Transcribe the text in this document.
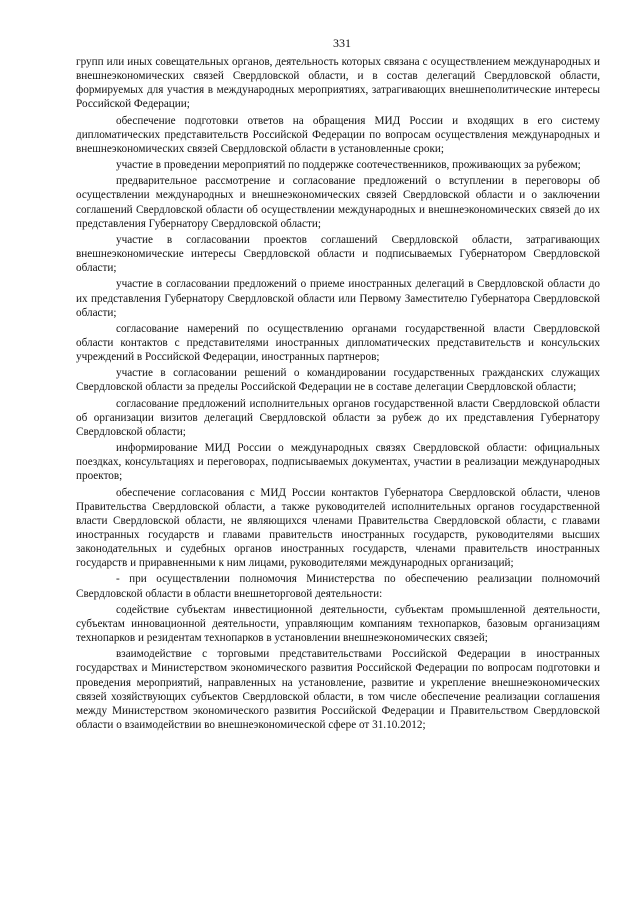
331

групп или иных совещательных органов, деятельность которых связана с осуществлением международных и внешнеэкономических связей Свердловской области, и в состав делегаций Свердловской области, формируемых для участия в международных мероприятиях, затрагивающих внешнеполитические интересы Российской Федерации;

обеспечение подготовки ответов на обращения МИД России и входящих в его систему дипломатических представительств Российской Федерации по вопросам осуществления международных и внешнеэкономических связей Свердловской области в установленные сроки;

участие в проведении мероприятий по поддержке соотечественников, проживающих за рубежом;

предварительное рассмотрение и согласование предложений о вступлении в переговоры об осуществлении международных и внешнеэкономических связей Свердловской области и о заключении соглашений Свердловской области об осуществлении международных и внешнеэкономических связей до их представления Губернатору Свердловской области;

участие в согласовании проектов соглашений Свердловской области, затрагивающих внешнеэкономические интересы Свердловской области и подписываемых Губернатором Свердловской области;

участие в согласовании предложений о приеме иностранных делегаций в Свердловской области до их представления Губернатору Свердловской области или Первому Заместителю Губернатора Свердловской области;

согласование намерений по осуществлению органами государственной власти Свердловской области контактов с представителями иностранных дипломатических представительств и консульских учреждений в Российской Федерации, иностранных партнеров;

участие в согласовании решений о командировании государственных гражданских служащих Свердловской области за пределы Российской Федерации не в составе делегации Свердловской области;

согласование предложений исполнительных органов государственной власти Свердловской области об организации визитов делегаций Свердловской области за рубеж до их представления Губернатору Свердловской области;

информирование МИД России о международных связях Свердловской области: официальных поездках, консультациях и переговорах, подписываемых документах, участии в реализации международных проектов;

обеспечение согласования с МИД России контактов Губернатора Свердловской области, членов Правительства Свердловской области, а также руководителей исполнительных органов государственной власти Свердловской области, не являющихся членами Правительства Свердловской области, с главами иностранных государств и главами правительств иностранных государств, руководителями высших законодательных и судебных органов иностранных государств, членами правительств иностранных государств и приравненными к ним лицами, руководителями международных организаций;

- при осуществлении полномочия Министерства по обеспечению реализации полномочий Свердловской области в области внешнеторговой деятельности:

содействие субъектам инвестиционной деятельности, субъектам промышленной деятельности, субъектам инновационной деятельности, управляющим компаниям технопарков, базовым организациям технопарков и резидентам технопарков в установлении внешнеэкономических связей;

взаимодействие с торговыми представительствами Российской Федерации в иностранных государствах и Министерством экономического развития Российской Федерации по вопросам подготовки и проведения мероприятий, направленных на установление, развитие и укрепление внешнеэкономических связей хозяйствующих субъектов Свердловской области, в том числе обеспечение реализации соглашения между Министерством экономического развития Российской Федерации и Правительством Свердловской области о взаимодействии во внешнеэкономической сфере от 31.10.2012;
